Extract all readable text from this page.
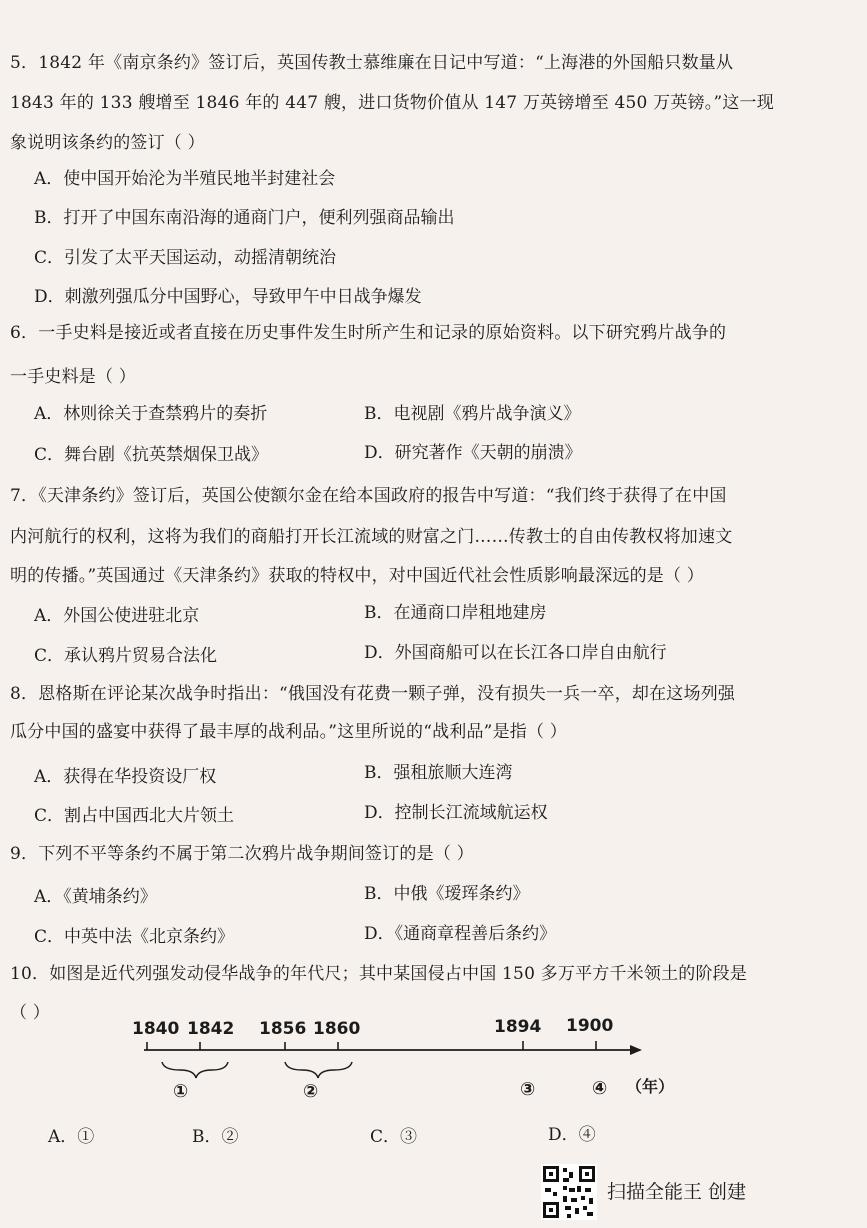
5．1842 年《南京条约》签订后，英国传教士慕维廉在日记中写道：“上海港的外国船只数量从
1843 年的 133 艘增至 1846 年的 447 艘，进口货物价值从 147 万英镑增至 450 万英镑。”这一现
象说明该条约的签订（ ）
A．使中国开始沦为半殖民地半封建社会
B．打开了中国东南沿海的通商门户，便利列强商品输出
C．引发了太平天国运动，动摇清朝统治
D．刺激列强瓜分中国野心，导致甲午中日战争爆发
6．一手史料是接近或者直接在历史事件发生时所产生和记录的原始资料。以下研究鸦片战争的
一手史料是（ ）
A．林则徐关于查禁鸦片的奏折	B．电视剧《鸦片战争演义》
C．舞台剧《抗英禁烟保卫战》	D．研究著作《天朝的崩溃》
7．《天津条约》签订后，英国公使额尔金在给本国政府的报告中写道：“我们终于获得了在中国
内河航行的权利，这将为我们的商船打开长江流域的财富之门……传教士的自由传教权将加速文
明的传播。”英国通过《天津条约》获取的特权中，对中国近代社会性质影响最深远的是（ ）
A．外国公使进驻北京	B．在通商口岸租地建房
C．承认鸦片贸易合法化	D．外国商船可以在长江各口岸自由航行
8．恩格斯在评论某次战争时指出：“俄国没有花费一颗子弹，没有损失一兵一卒，却在这场列强
瓜分中国的盛宴中获得了最丰厚的战利品。”这里所说的“战利品”是指（ ）
A．获得在华投资设厂权	B．强租旅顺大连湾
C．割占中国西北大片领土	D．控制长江流域航运权
9．下列不平等条约不属于第二次鸦片战争期间签订的是（ ）
A．《黄埔条约》	B．中俄《瑷珲条约》
C．中英中法《北京条约》	D．《通商章程善后条约》
10．如图是近代列强发动侵华战争的年代尺；其中某国侵占中国 150 多万平方千米领土的阶段是
（ ）
1840 1842 1856 1860	1894 1900
①	②	③	④ （年）
A．①	B．②	C．③	D．④
扫描全能王 创建
